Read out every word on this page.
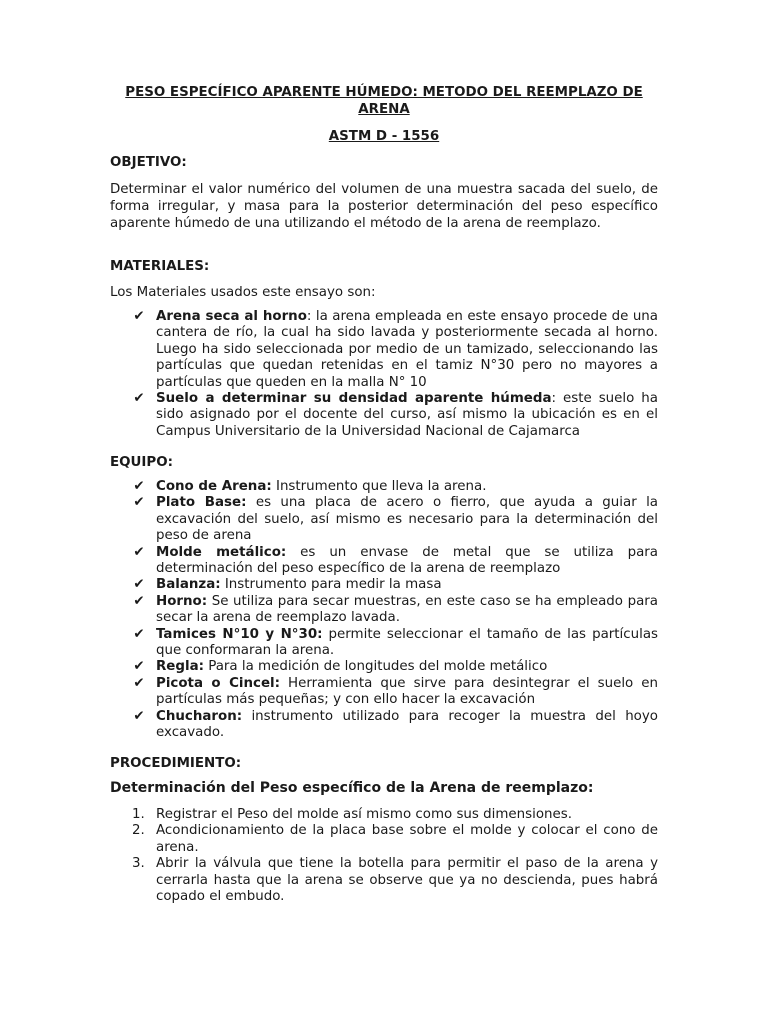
PESO ESPECÍFICO APARENTE HÚMEDO: METODO DEL REEMPLAZO DE ARENA
ASTM D - 1556
OBJETIVO:
Determinar el valor numérico del volumen de una muestra sacada del suelo, de forma irregular, y masa para la posterior determinación del peso específico aparente húmedo de una utilizando el método de la arena de reemplazo.
MATERIALES:
Los Materiales usados este ensayo son:
✔ Arena seca al horno: la arena empleada en este ensayo procede de una cantera de río, la cual ha sido lavada y posteriormente secada al horno. Luego ha sido seleccionada por medio de un tamizado, seleccionando las partículas que quedan retenidas en el tamiz N°30 pero no mayores a partículas que queden en la malla N° 10
✔ Suelo a determinar su densidad aparente húmeda: este suelo ha sido asignado por el docente del curso, así mismo la ubicación es en el Campus Universitario de la Universidad Nacional de Cajamarca
EQUIPO:
✔ Cono de Arena: Instrumento que lleva la arena.
✔ Plato Base: es una placa de acero o fierro, que ayuda a guiar la excavación del suelo, así mismo es necesario para la determinación del peso de arena
✔ Molde metálico: es un envase de metal que se utiliza para determinación del peso específico de la arena de reemplazo
✔ Balanza: Instrumento para medir la masa
✔ Horno: Se utiliza para secar muestras, en este caso se ha empleado para secar la arena de reemplazo lavada.
✔ Tamices N°10 y N°30: permite seleccionar el tamaño de las partículas que conformaran la arena.
✔ Regla: Para la medición de longitudes del molde metálico
✔ Picota o Cincel: Herramienta que sirve para desintegrar el suelo en partículas más pequeñas; y con ello hacer la excavación
✔ Chucharon: instrumento utilizado para recoger la muestra del hoyo excavado.
PROCEDIMIENTO:
Determinación del Peso específico de la Arena de reemplazo:
1. Registrar el Peso del molde así mismo como sus dimensiones.
2. Acondicionamiento de la placa base sobre el molde y colocar el cono de arena.
3. Abrir la válvula que tiene la botella para permitir el paso de la arena y cerrarla hasta que la arena se observe que ya no descienda, pues habrá copado el embudo.
